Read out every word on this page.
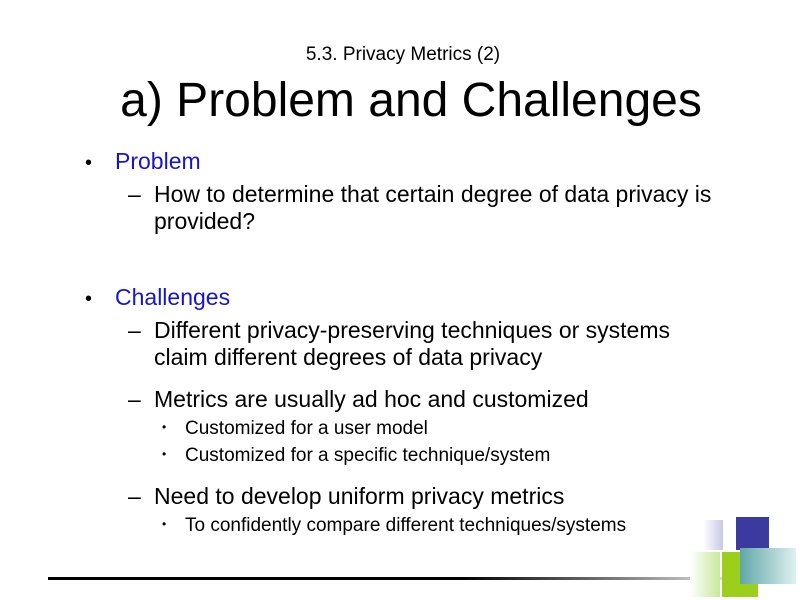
5.3. Privacy Metrics (2)
a) Problem and Challenges
• Problem
– How to determine that certain degree of data privacy is provided?
• Challenges
– Different privacy-preserving techniques or systems claim different degrees of data privacy
– Metrics are usually ad hoc and customized
• Customized for a user model
• Customized for a specific technique/system
– Need to develop uniform privacy metrics
• To confidently compare different techniques/systems
